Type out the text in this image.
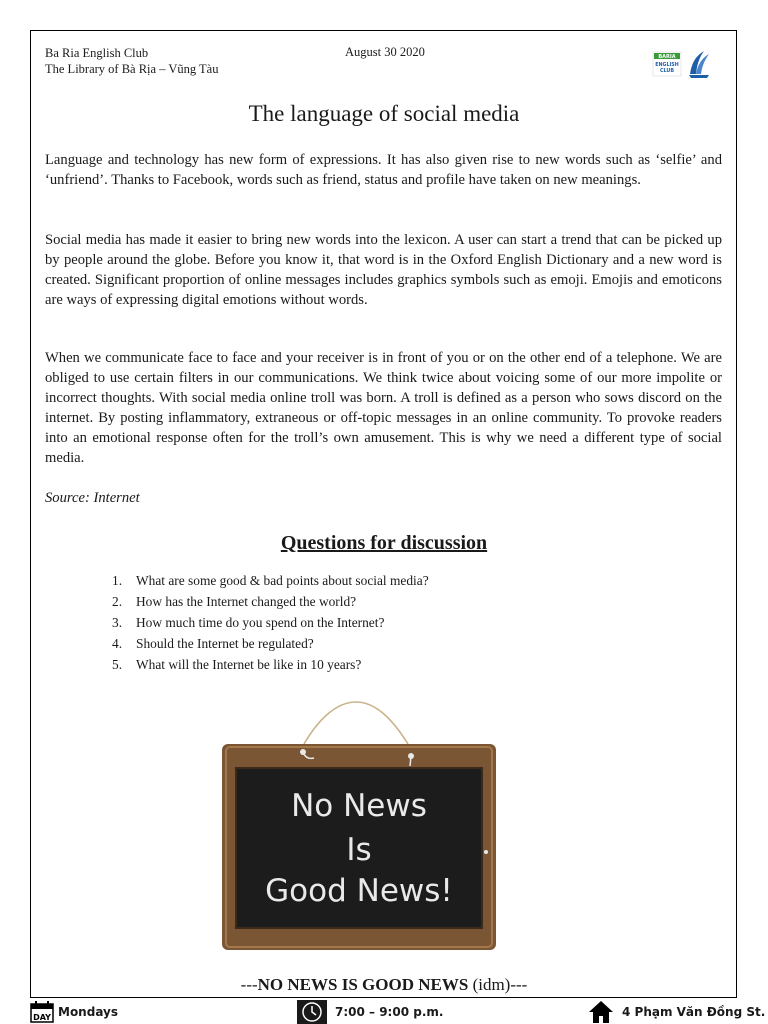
Ba Ria English Club
The Library of Bà Rịa – Vũng Tàu
August 30 2020	BARIA
ENGLISH
CLUB
The language of social media

Language and technology has new form of expressions. It has also given rise to new words such as ‘selfie’ and ‘unfriend’. Thanks to Facebook, words such as friend, status and profile have taken on new meanings.

Social media has made it easier to bring new words into the lexicon. A user can start a trend that can be picked up by people around the globe. Before you know it, that word is in the Oxford English Dictionary and a new word is created. Significant proportion of online messages includes graphics symbols such as emoji. Emojis and emoticons are ways of expressing digital emotions without words.

When we communicate face to face and your receiver is in front of you or on the other end of a telephone. We are obliged to use certain filters in our communications. We think twice about voicing some of our more impolite or incorrect thoughts. With social media online troll was born. A troll is defined as a person who sows discord on the internet. By posting inflammatory, extraneous or off-topic messages in an online community. To provoke readers into an emotional response often for the troll’s own amusement. This is why we need a different type of social media.

Source: Internet
Questions for discussion
1. What are some good & bad points about social media?
2. How has the Internet changed the world?
3. How much time do you spend on the Internet?
4. Should the Internet be regulated?
5. What will the Internet be like in 10 years?
No News
Is
Good News!
---NO NEWS IS GOOD NEWS (idm)---
DAY Mondays	7:00 – 9:00 p.m.	4 Phạm Văn Đồng St.
